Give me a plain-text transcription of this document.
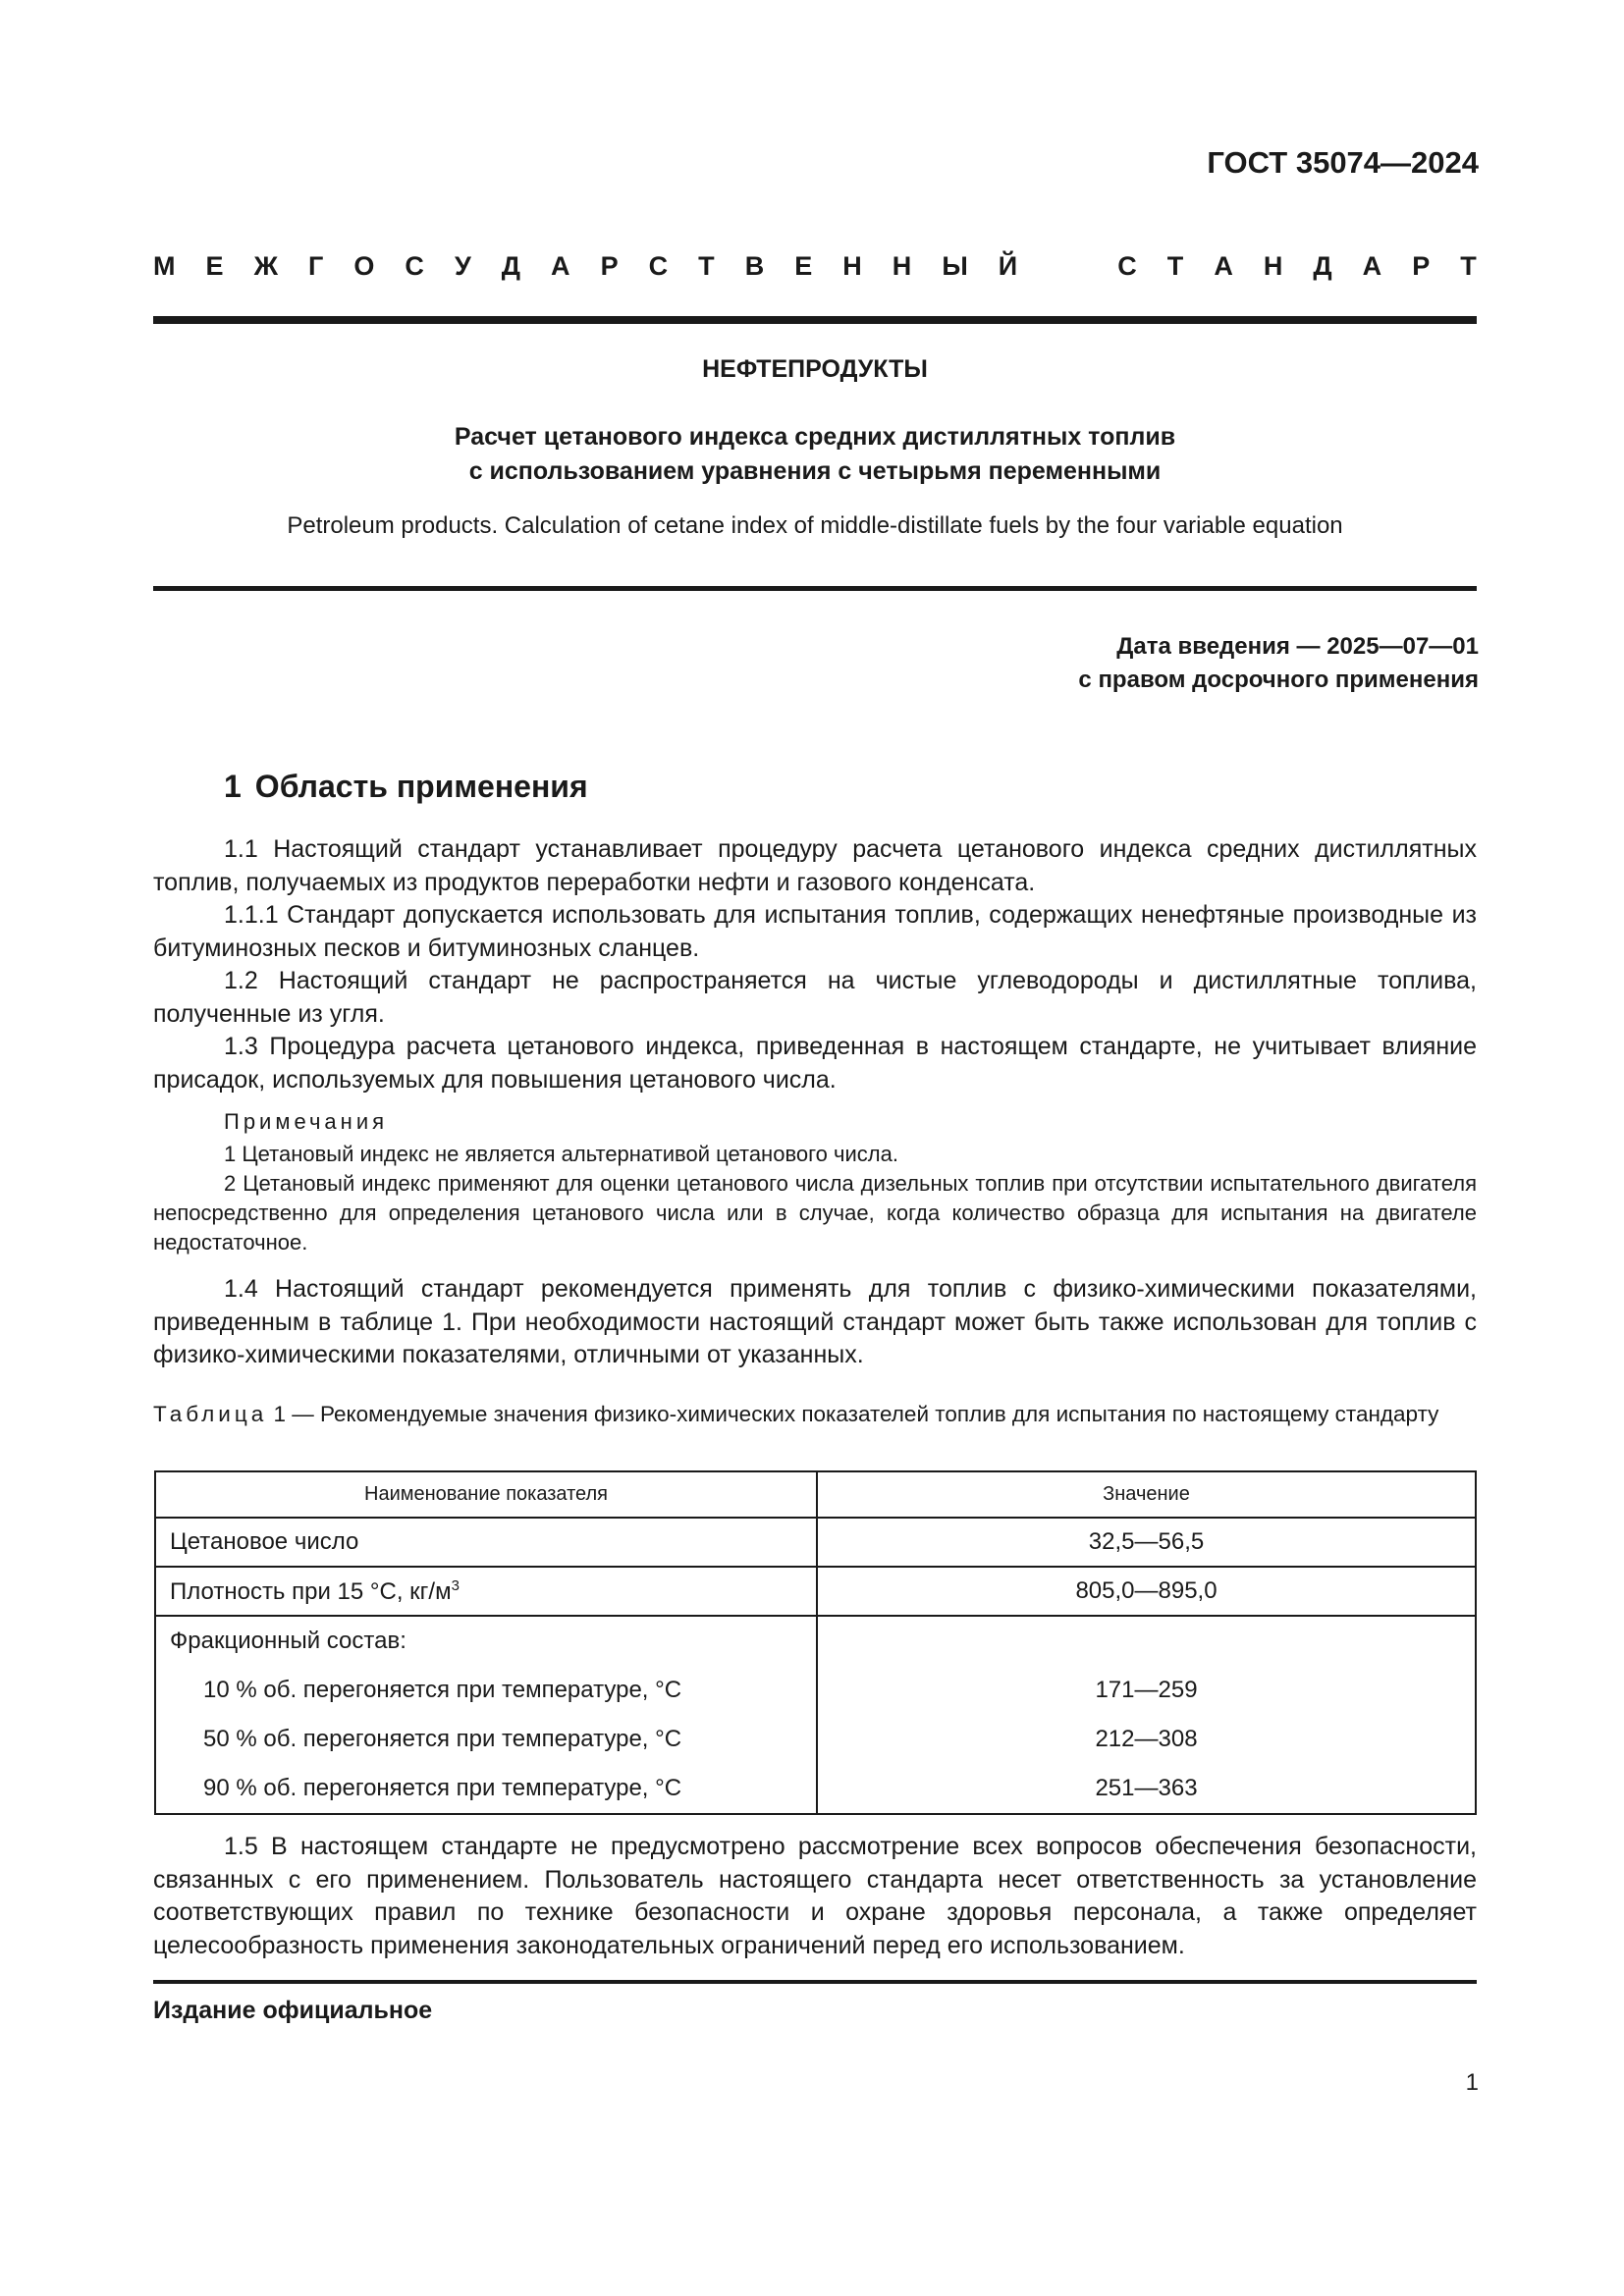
ГОСТ 35074—2024
М Е Ж Г О С У Д А Р С Т В Е Н Н Ы Й	С Т А Н Д А Р Т
НЕФТЕПРОДУКТЫ
Расчет цетанового индекса средних дистиллятных топлив
с использованием уравнения с четырьмя переменными
Petroleum products. Calculation of cetane index of middle-distillate fuels by the four variable equation
Дата введения — 2025—07—01
с правом досрочного применения
1 Область применения
1.1 Настоящий стандарт устанавливает процедуру расчета цетанового индекса средних дистиллятных топлив, получаемых из продуктов переработки нефти и газового конденсата.
1.1.1 Стандарт допускается использовать для испытания топлив, содержащих ненефтяные производные из битуминозных песков и битуминозных сланцев.
1.2 Настоящий стандарт не распространяется на чистые углеводороды и дистиллятные топлива, полученные из угля.
1.3 Процедура расчета цетанового индекса, приведенная в настоящем стандарте, не учитывает влияние присадок, используемых для повышения цетанового числа.
Примечания
1 Цетановый индекс не является альтернативой цетанового числа.
2 Цетановый индекс применяют для оценки цетанового числа дизельных топлив при отсутствии испытательного двигателя непосредственно для определения цетанового числа или в случае, когда количество образца для испытания на двигателе недостаточное.
1.4 Настоящий стандарт рекомендуется применять для топлив с физико-химическими показателями, приведенным в таблице 1. При необходимости настоящий стандарт может быть также использован для топлив с физико-химическими показателями, отличными от указанных.
Таблица 1 — Рекомендуемые значения физико-химических показателей топлив для испытания по настоящему стандарту
Наименование показателя	Значение
Цетановое число	32,5—56,5
Плотность при 15 °С, $кг/м^3$	805,0—895,0
Фракционный состав:	
10 % об. перегоняется при температуре, °С	171—259
50 % об. перегоняется при температуре, °С	212—308
90 % об. перегоняется при температуре, °С	251—363
1.5 В настоящем стандарте не предусмотрено рассмотрение всех вопросов обеспечения безопасности, связанных с его применением. Пользователь настоящего стандарта несет ответственность за установление соответствующих правил по технике безопасности и охране здоровья персонала, а также определяет целесообразность применения законодательных ограничений перед его использованием.
Издание официальное
1
